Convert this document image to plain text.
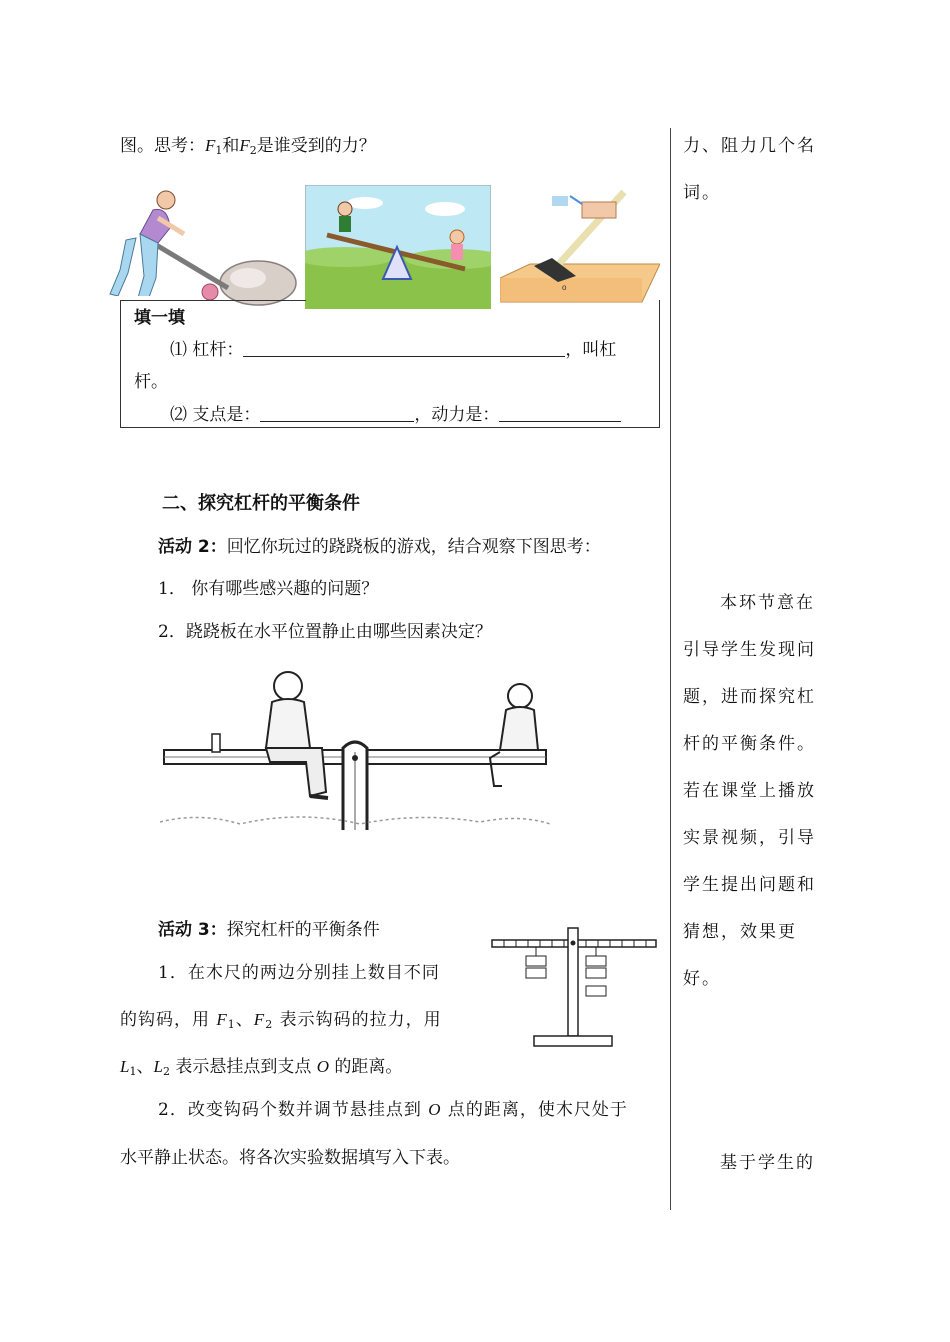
图。思考：$F_1$和$F_2$是谁受到的力？
o
填一填
⑴ 杠杆：	，叫杠
杆。
⑵ 支点是：	，动力是：
二、探究杠杆的平衡条件
活动 2：回忆你玩过的跷跷板的游戏，结合观察下图思考：
1． 你有哪些感兴趣的问题？
2．跷跷板在水平位置静止由哪些因素决定？
活动 3：探究杠杆的平衡条件
1．在木尺的两边分别挂上数目不同
的钩码，用 $F_1$、$F_2$ 表示钩码的拉力，用
$L_1$、$L_2$ 表示悬挂点到支点 O 的距离。
2．改变钩码个数并调节悬挂点到 O 点的距离，使木尺处于
水平静止状态。将各次实验数据填写入下表。
力、阻力几个名
词。
本环节意在
引导学生发现问
题，进而探究杠
杆的平衡条件。
若在课堂上播放
实景视频，引导
学生提出问题和
猜想，效果更
好。
基于学生的
